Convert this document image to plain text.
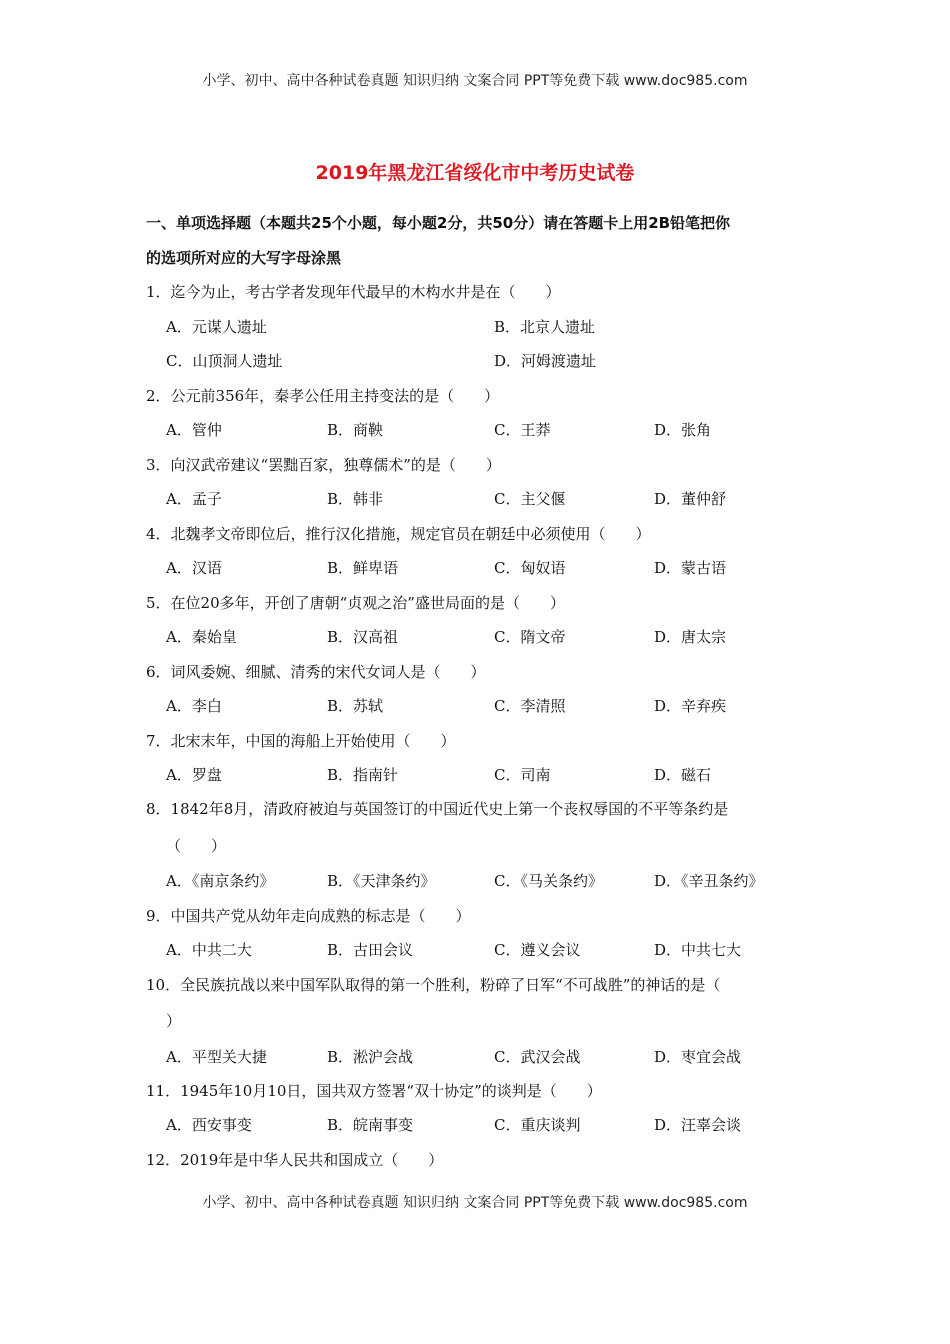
小学、初中、高中各种试卷真题 知识归纳 文案合同 PPT等免费下载 www.doc985.com
2019年黑龙江省绥化市中考历史试卷
一、单项选择题（本题共25个小题，每小题2分，共50分）请在答题卡上用2B铅笔把你
的选项所对应的大写字母涂黑
1．迄今为止，考古学者发现年代最早的木构水井是在（　　）
A．元谋人遗址	B．北京人遗址
C．山顶洞人遗址	D．河姆渡遗址
2．公元前356年，秦孝公任用主持变法的是（　　）
A．管仲	B．商鞅	C．王莽	D．张角
3．向汉武帝建议“罢黜百家，独尊儒术”的是（　　）
A．孟子	B．韩非	C．主父偃	D．董仲舒
4．北魏孝文帝即位后，推行汉化措施，规定官员在朝廷中必须使用（　　）
A．汉语	B．鲜卑语	C．匈奴语	D．蒙古语
5．在位20多年，开创了唐朝“贞观之治”盛世局面的是（　　）
A．秦始皇	B．汉高祖	C．隋文帝	D．唐太宗
6．词风委婉、细腻、清秀的宋代女词人是（　　）
A．李白	B．苏轼	C．李清照	D．辛弃疾
7．北宋末年，中国的海船上开始使用（　　）
A．罗盘	B．指南针	C．司南	D．磁石
8．1842年8月，清政府被迫与英国签订的中国近代史上第一个丧权辱国的不平等条约是
（　　）
A．《南京条约》	B．《天津条约》	C．《马关条约》	D．《辛丑条约》
9．中国共产党从幼年走向成熟的标志是（　　）
A．中共二大	B．古田会议	C．遵义会议	D．中共七大
10．全民族抗战以来中国军队取得的第一个胜利，粉碎了日军“不可战胜”的神话的是（
）
A．平型关大捷	B．淞沪会战	C．武汉会战	D．枣宜会战
11．1945年10月10日，国共双方签署“双十协定”的谈判是（　　）
A．西安事变	B．皖南事变	C．重庆谈判	D．汪辜会谈
12．2019年是中华人民共和国成立（　　）
小学、初中、高中各种试卷真题 知识归纳 文案合同 PPT等免费下载 www.doc985.com
